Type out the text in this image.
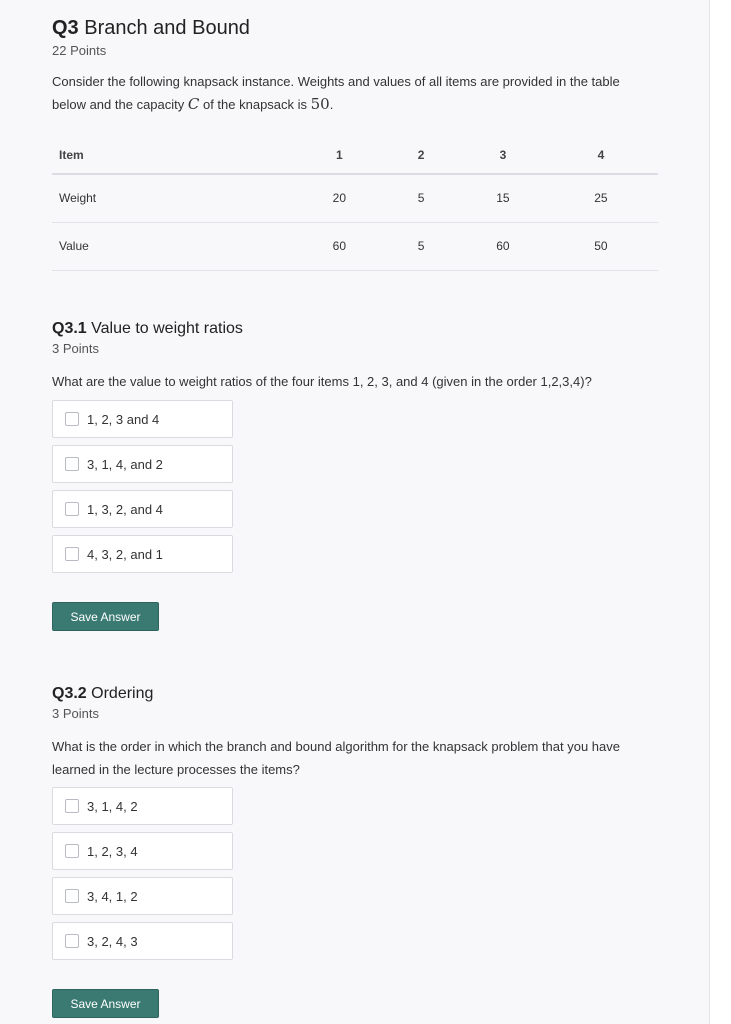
Q3 Branch and Bound
22 Points
Consider the following knapsack instance. Weights and values of all items are provided in the table below and the capacity C of the knapsack is 50.
Item	1	2	3	4
Weight	20	5	15	25
Value	60	5	60	50
Q3.1 Value to weight ratios
3 Points
What are the value to weight ratios of the four items 1, 2, 3, and 4 (given in the order 1,2,3,4)?
1, 2, 3 and 4
3, 1, 4, and 2
1, 3, 2, and 4
4, 3, 2, and 1
Save Answer
Q3.2 Ordering
3 Points
What is the order in which the branch and bound algorithm for the knapsack problem that you have learned in the lecture processes the items?
3, 1, 4, 2
1, 2, 3, 4
3, 4, 1, 2
3, 2, 4, 3
Save Answer
